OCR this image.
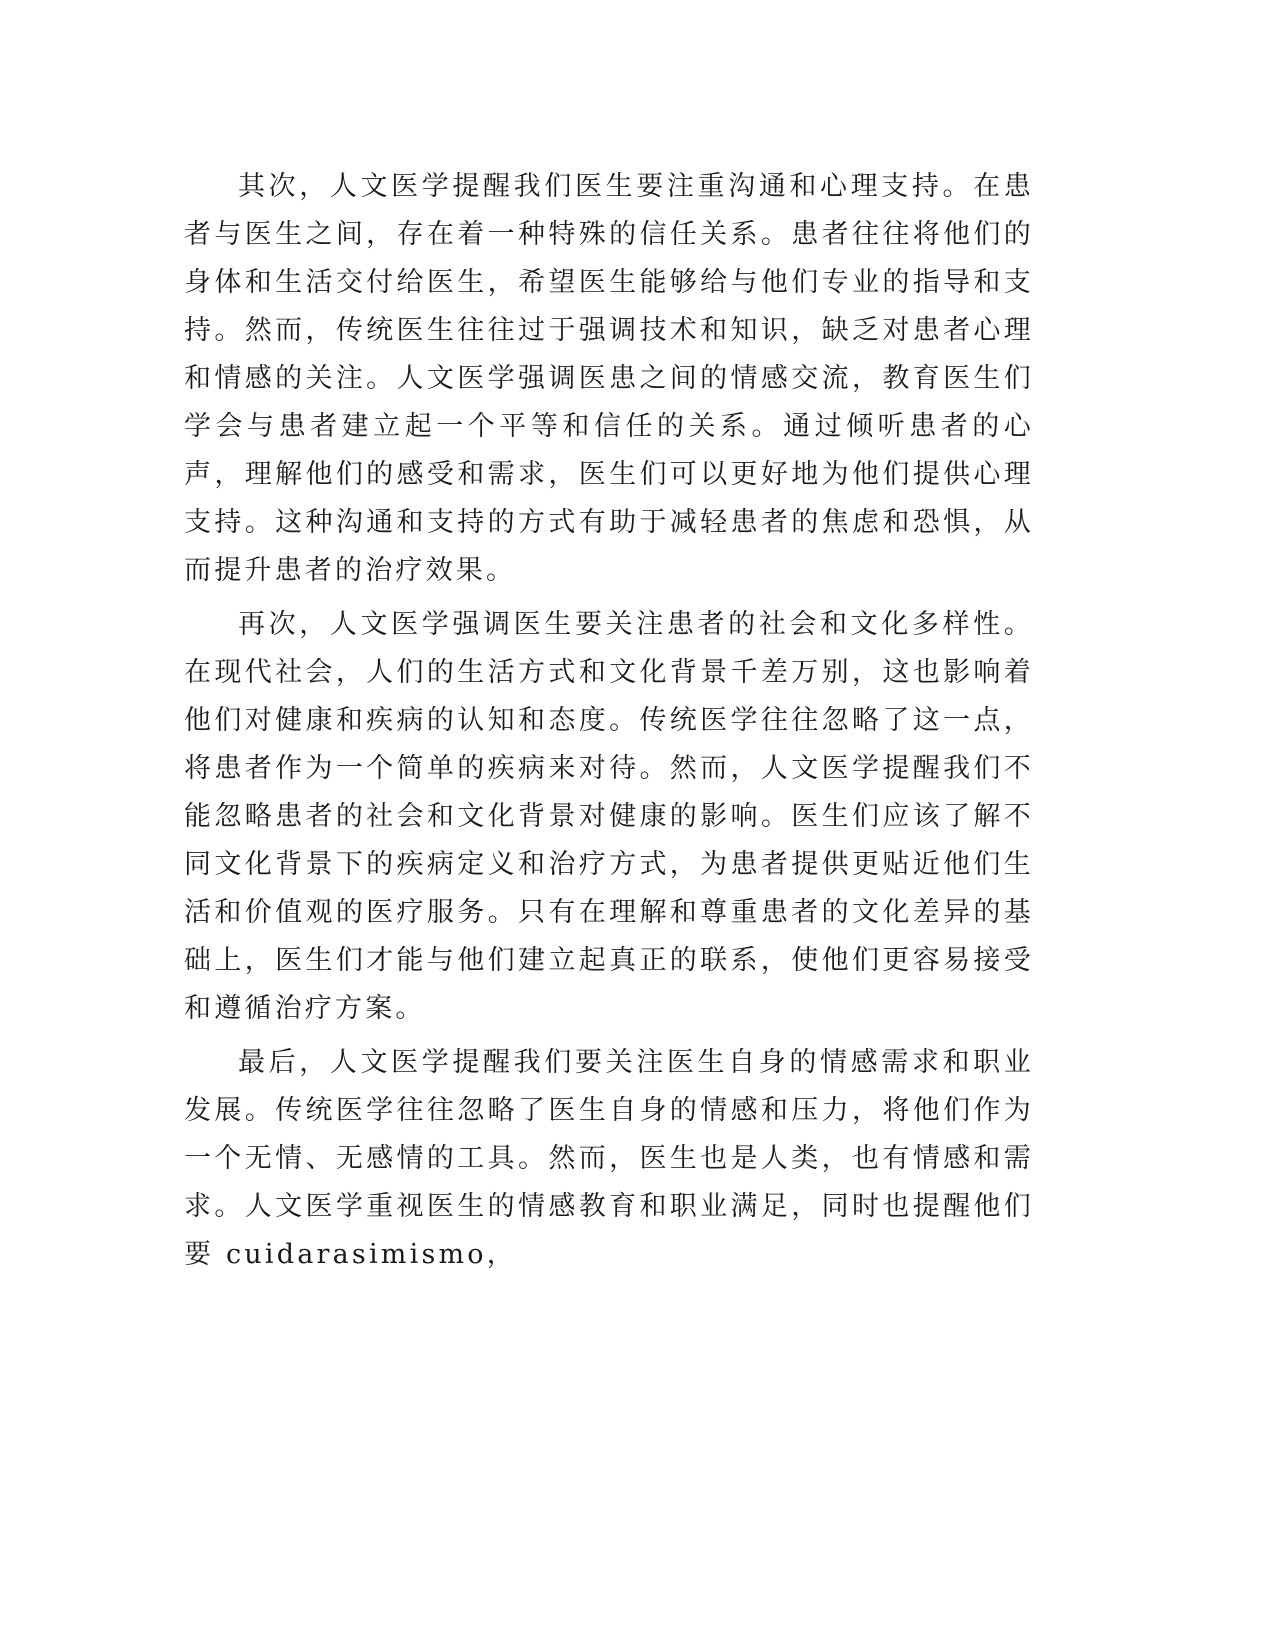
其次，人文医学提醒我们医生要注重沟通和心理支持。在患者与医生之间，存在着一种特殊的信任关系。患者往往将他们的身体和生活交付给医生，希望医生能够给与他们专业的指导和支持。然而，传统医生往往过于强调技术和知识，缺乏对患者心理和情感的关注。人文医学强调医患之间的情感交流，教育医生们学会与患者建立起一个平等和信任的关系。通过倾听患者的心声，理解他们的感受和需求，医生们可以更好地为他们提供心理支持。这种沟通和支持的方式有助于减轻患者的焦虑和恐惧，从而提升患者的治疗效果。

再次，人文医学强调医生要关注患者的社会和文化多样性。在现代社会，人们的生活方式和文化背景千差万别，这也影响着他们对健康和疾病的认知和态度。传统医学往往忽略了这一点，将患者作为一个简单的疾病来对待。然而，人文医学提醒我们不能忽略患者的社会和文化背景对健康的影响。医生们应该了解不同文化背景下的疾病定义和治疗方式，为患者提供更贴近他们生活和价值观的医疗服务。只有在理解和尊重患者的文化差异的基础上，医生们才能与他们建立起真正的联系，使他们更容易接受和遵循治疗方案。

最后，人文医学提醒我们要关注医生自身的情感需求和职业发展。传统医学往往忽略了医生自身的情感和压力，将他们作为一个无情、无感情的工具。然而，医生也是人类，也有情感和需求。人文医学重视医生的情感教育和职业满足，同时也提醒他们要 cuidarasimismo，
